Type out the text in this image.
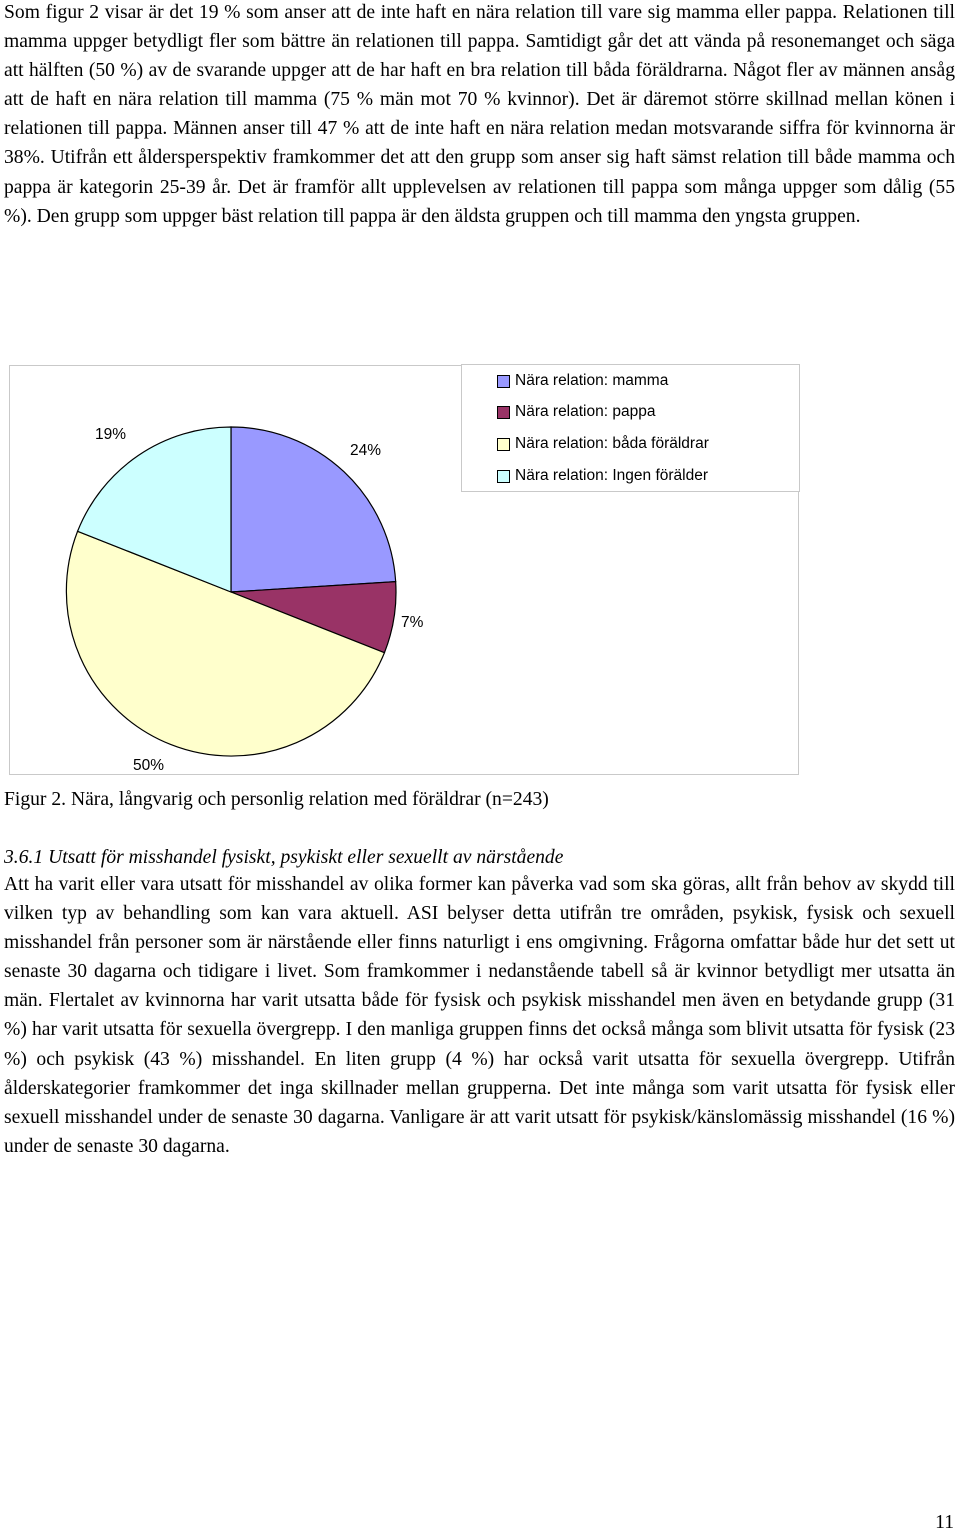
Som figur 2 visar är det 19 % som anser att de inte haft en nära relation till vare sig mamma eller pappa. Relationen till mamma uppger betydligt fler som bättre än relationen till pappa. Samtidigt går det att vända på resonemanget och säga att hälften (50 %) av de svarande uppger att de har haft en bra relation till båda föräldrarna. Något fler av männen ansåg att de haft en nära relation till mamma (75 % män mot 70 % kvinnor). Det är däremot större skillnad mellan könen i relationen till pappa. Männen anser till 47 % att de inte haft en nära relation medan motsvarande siffra för kvinnorna är 38%. Utifrån ett åldersperspektiv framkommer det att den grupp som anser sig haft sämst relation till både mamma och pappa är kategorin 25-39 år. Det är framför allt upplevelsen av relationen till pappa som många uppger som dålig (55 %). Den grupp som uppger bäst relation till pappa är den äldsta gruppen och till mamma den yngsta gruppen.

Nära relation: mamma
Nära relation: pappa
Nära relation: båda föräldrar
Nära relation: Ingen förälder
24%
7%
50%
19%

Figur 2. Nära, långvarig och personlig relation med föräldrar (n=243)

3.6.1 Utsatt för misshandel fysiskt, psykiskt eller sexuellt av närstående

Att ha varit eller vara utsatt för misshandel av olika former kan påverka vad som ska göras, allt från behov av skydd till vilken typ av behandling som kan vara aktuell. ASI belyser detta utifrån tre områden, psykisk, fysisk och sexuell misshandel från personer som är närstående eller finns naturligt i ens omgivning. Frågorna omfattar både hur det sett ut senaste 30 dagarna och tidigare i livet. Som framkommer i nedanstående tabell så är kvinnor betydligt mer utsatta än män. Flertalet av kvinnorna har varit utsatta både för fysisk och psykisk misshandel men även en betydande grupp (31 %) har varit utsatta för sexuella övergrepp. I den manliga gruppen finns det också många som blivit utsatta för fysisk (23 %) och psykisk (43 %) misshandel. En liten grupp (4 %) har också varit utsatta för sexuella övergrepp. Utifrån ålderskategorier framkommer det inga skillnader mellan grupperna. Det inte många som varit utsatta för fysisk eller sexuell misshandel under de senaste 30 dagarna. Vanligare är att varit utsatt för psykisk/känslomässig misshandel (16 %) under de senaste 30 dagarna.

11
